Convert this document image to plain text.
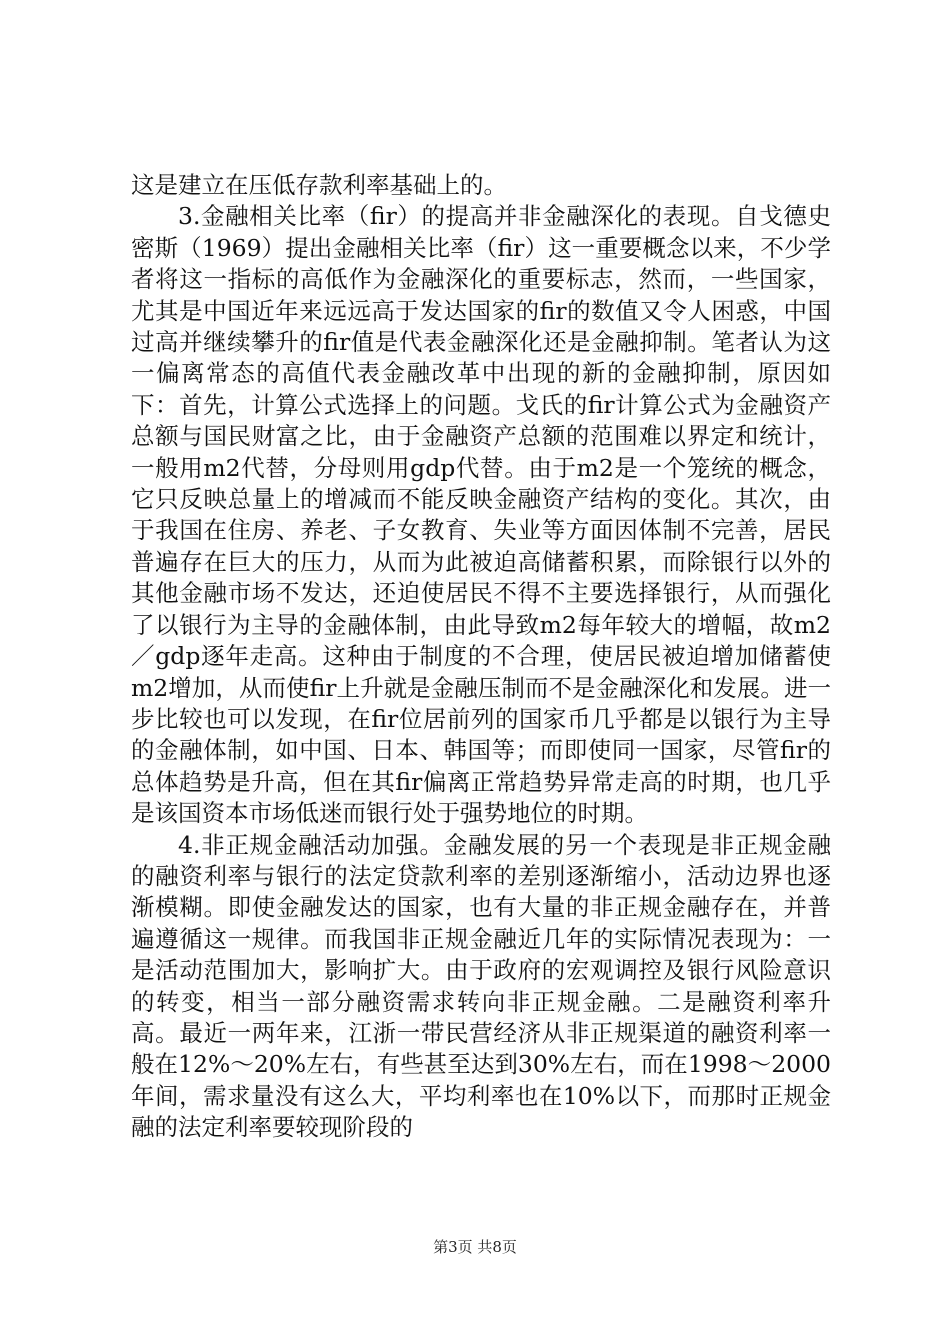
这是建立在压低存款利率基础上的。

3.金融相关比率（fir）的提高并非金融深化的表现。自戈德史密斯（1969）提出金融相关比率（fir）这一重要概念以来，不少学者将这一指标的高低作为金融深化的重要标志，然而，一些国家，尤其是中国近年来远远高于发达国家的fir的数值又令人困惑，中国过高并继续攀升的fir值是代表金融深化还是金融抑制。笔者认为这一偏离常态的高值代表金融改革中出现的新的金融抑制，原因如下：首先，计算公式选择上的问题。戈氏的fir计算公式为金融资产总额与国民财富之比，由于金融资产总额的范围难以界定和统计，一般用m2代替，分母则用gdp代替。由于m2是一个笼统的概念，它只反映总量上的增减而不能反映金融资产结构的变化。其次，由于我国在住房、养老、子女教育、失业等方面因体制不完善，居民普遍存在巨大的压力，从而为此被迫高储蓄积累，而除银行以外的其他金融市场不发达，还迫使居民不得不主要选择银行，从而强化了以银行为主导的金融体制，由此导致m2每年较大的增幅，故m2／gdp逐年走高。这种由于制度的不合理，使居民被迫增加储蓄使m2增加，从而使fir上升就是金融压制而不是金融深化和发展。进一步比较也可以发现，在fir位居前列的国家币几乎都是以银行为主导的金融体制，如中国、日本、韩国等；而即使同一国家，尽管fir的总体趋势是升高，但在其fir偏离正常趋势异常走高的时期，也几乎是该国资本市场低迷而银行处于强势地位的时期。

4.非正规金融活动加强。金融发展的另一个表现是非正规金融的融资利率与银行的法定贷款利率的差别逐渐缩小，活动边界也逐渐模糊。即使金融发达的国家，也有大量的非正规金融存在，并普遍遵循这一规律。而我国非正规金融近几年的实际情况表现为：一是活动范围加大，影响扩大。由于政府的宏观调控及银行风险意识的转变，相当一部分融资需求转向非正规金融。二是融资利率升高。最近一两年来，江浙一带民营经济从非正规渠道的融资利率一般在12%～20%左右，有些甚至达到30%左右，而在1998～2000年间，需求量没有这么大，平均利率也在10%以下，而那时正规金融的法定利率要较现阶段的

第3页 共8页
